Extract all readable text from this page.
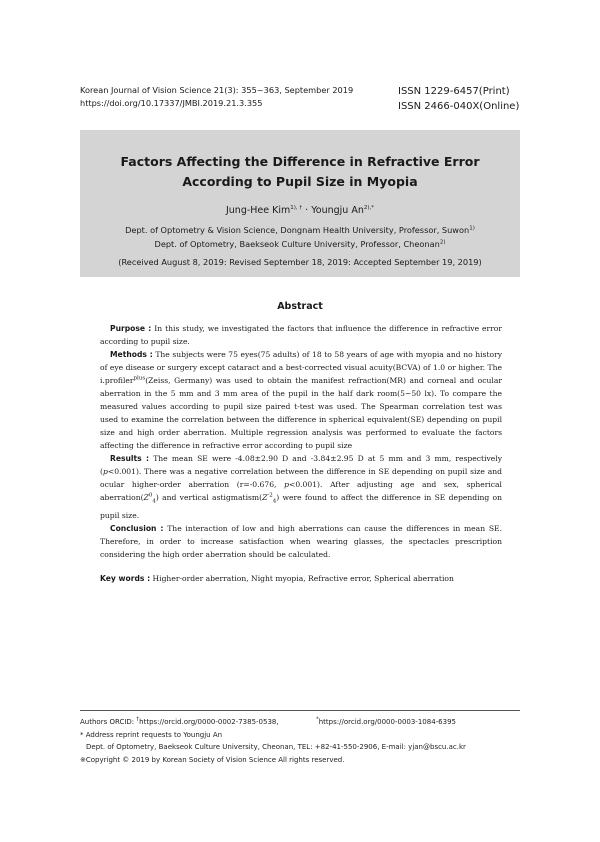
Korean Journal of Vision Science 21(3): 355~363, September 2019
https://doi.org/10.17337/JMBI.2019.21.3.355
ISSN 1229-6457(Print)
ISSN 2466-040X(Online)
Factors Affecting the Difference in Refractive Error
According to Pupil Size in Myopia
Jung-Hee Kim$^{1), \dagger}$ · Youngju $An^{2),*}$
Dept. of Optometry & Vision Science, Dongnam Health University, Professor, Suwon$^{1)}$
Dept. of Optometry, Baekseok Culture University, Professor, Cheonan$^{2)}$
(Received August 8, 2019: Revised September 18, 2019: Accepted September 19, 2019)
Abstract

Purpose : In this study, we investigated the factors that influence the difference in refractive error according to pupil size.

Methods : The subjects were 75 eyes(75 adults) of 18 to 58 years of age with myopia and no history of eye disease or surgery except cataract and a best-corrected visual acuity(BCVA) of 1.0 or higher. The i.profiler$^{plus}$(Zeiss, Germany) was used to obtain the manifest refraction(MR) and corneal and ocular aberration in the 5 mm and 3 mm area of the pupil in the half dark room(5~50 lx). To compare the measured values according to pupil size paired t-test was used. The Spearman correlation test was used to examine the correlation between the difference in spherical equivalent(SE) depending on pupil size and high order aberration. Multiple regression analysis was performed to evaluate the factors affecting the difference in refractive error according to pupil size

Results : The mean SE were -4.08±2.90 D and -3.84±2.95 D at 5 mm and 3 mm, respectively (p<0.001). There was a negative correlation between the difference in SE depending on pupil size and ocular higher-order aberration (r=-0.676, p<0.001). After adjusting age and sex, spherical $aberration(Z^0_4)$ and vertical $astigmatism(Z^{-2}_4)$ were found to affect the difference in SE depending on pupil size.

Conclusion : The interaction of low and high aberrations can cause the differences in mean SE. Therefore, in order to increase satisfaction when wearing glasses, the spectacles prescription considering the high order aberration should be calculated.

Key words : Higher-order aberration, Night myopia, Refractive error, Spherical aberration
Authors ORCID: †https://orcid.org/0000-0002-7385-0538,	*https://orcid.org/0000-0003-1084-6395
* Address reprint requests to Youngju An
Dept. of Optometry, Baekseok Culture University, Cheonan, TEL: +82-41-550-2906, E-mail: yjan@bscu.ac.kr
※Copyright © 2019 by Korean Society of Vision Science All rights reserved.
